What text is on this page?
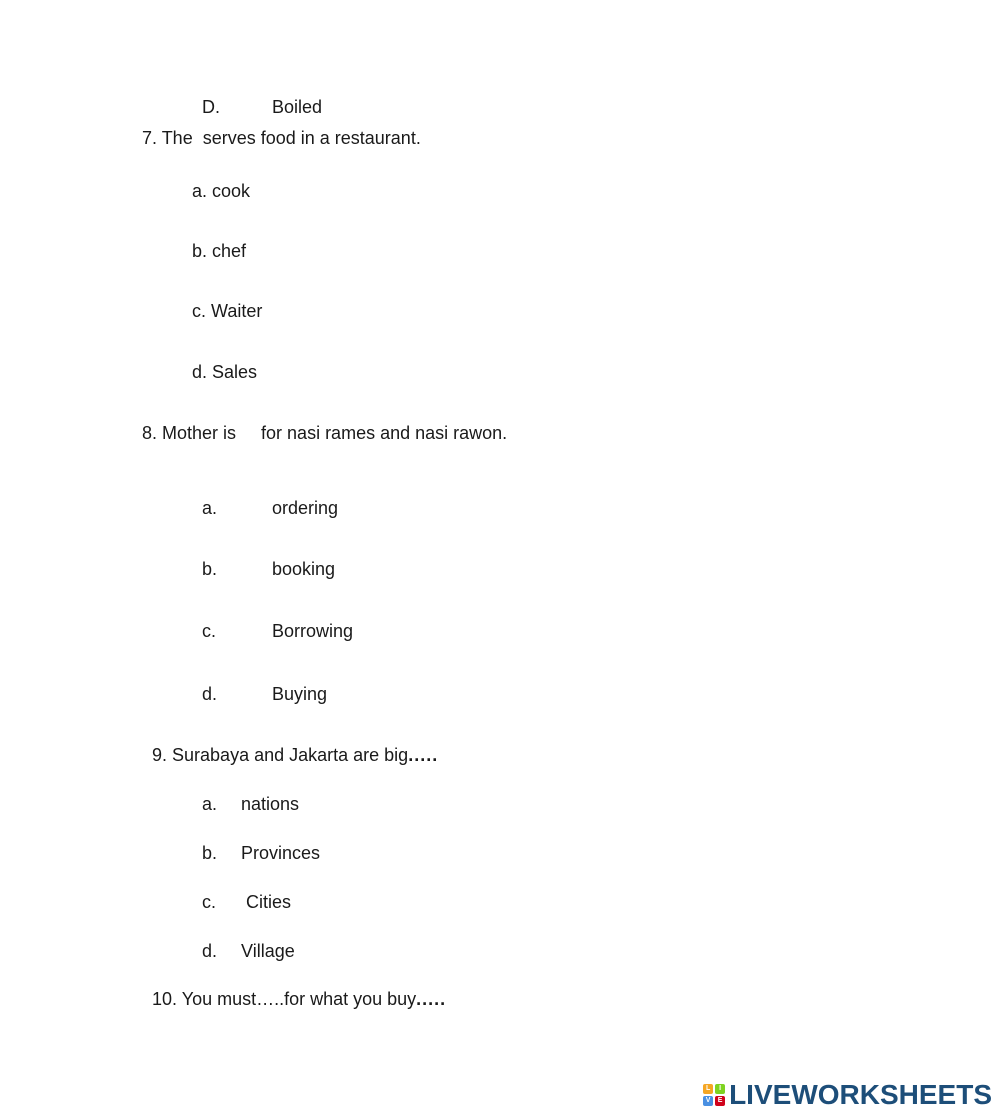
D.	Boiled

7. The  serves food in a restaurant.
a. cook
b. chef
c. Waiter
d. Sales
8. Mother is     for nasi rames and nasi rawon.

a.	ordering

b.	booking

c.	Borrowing

d.	Buying

9. Surabaya and Jakarta are big.....

a. nations

b. Provinces

c. Cities

d. Village

10. You must…..for what you buy.....

L	I
V	E LIVEWORKSHEETS
